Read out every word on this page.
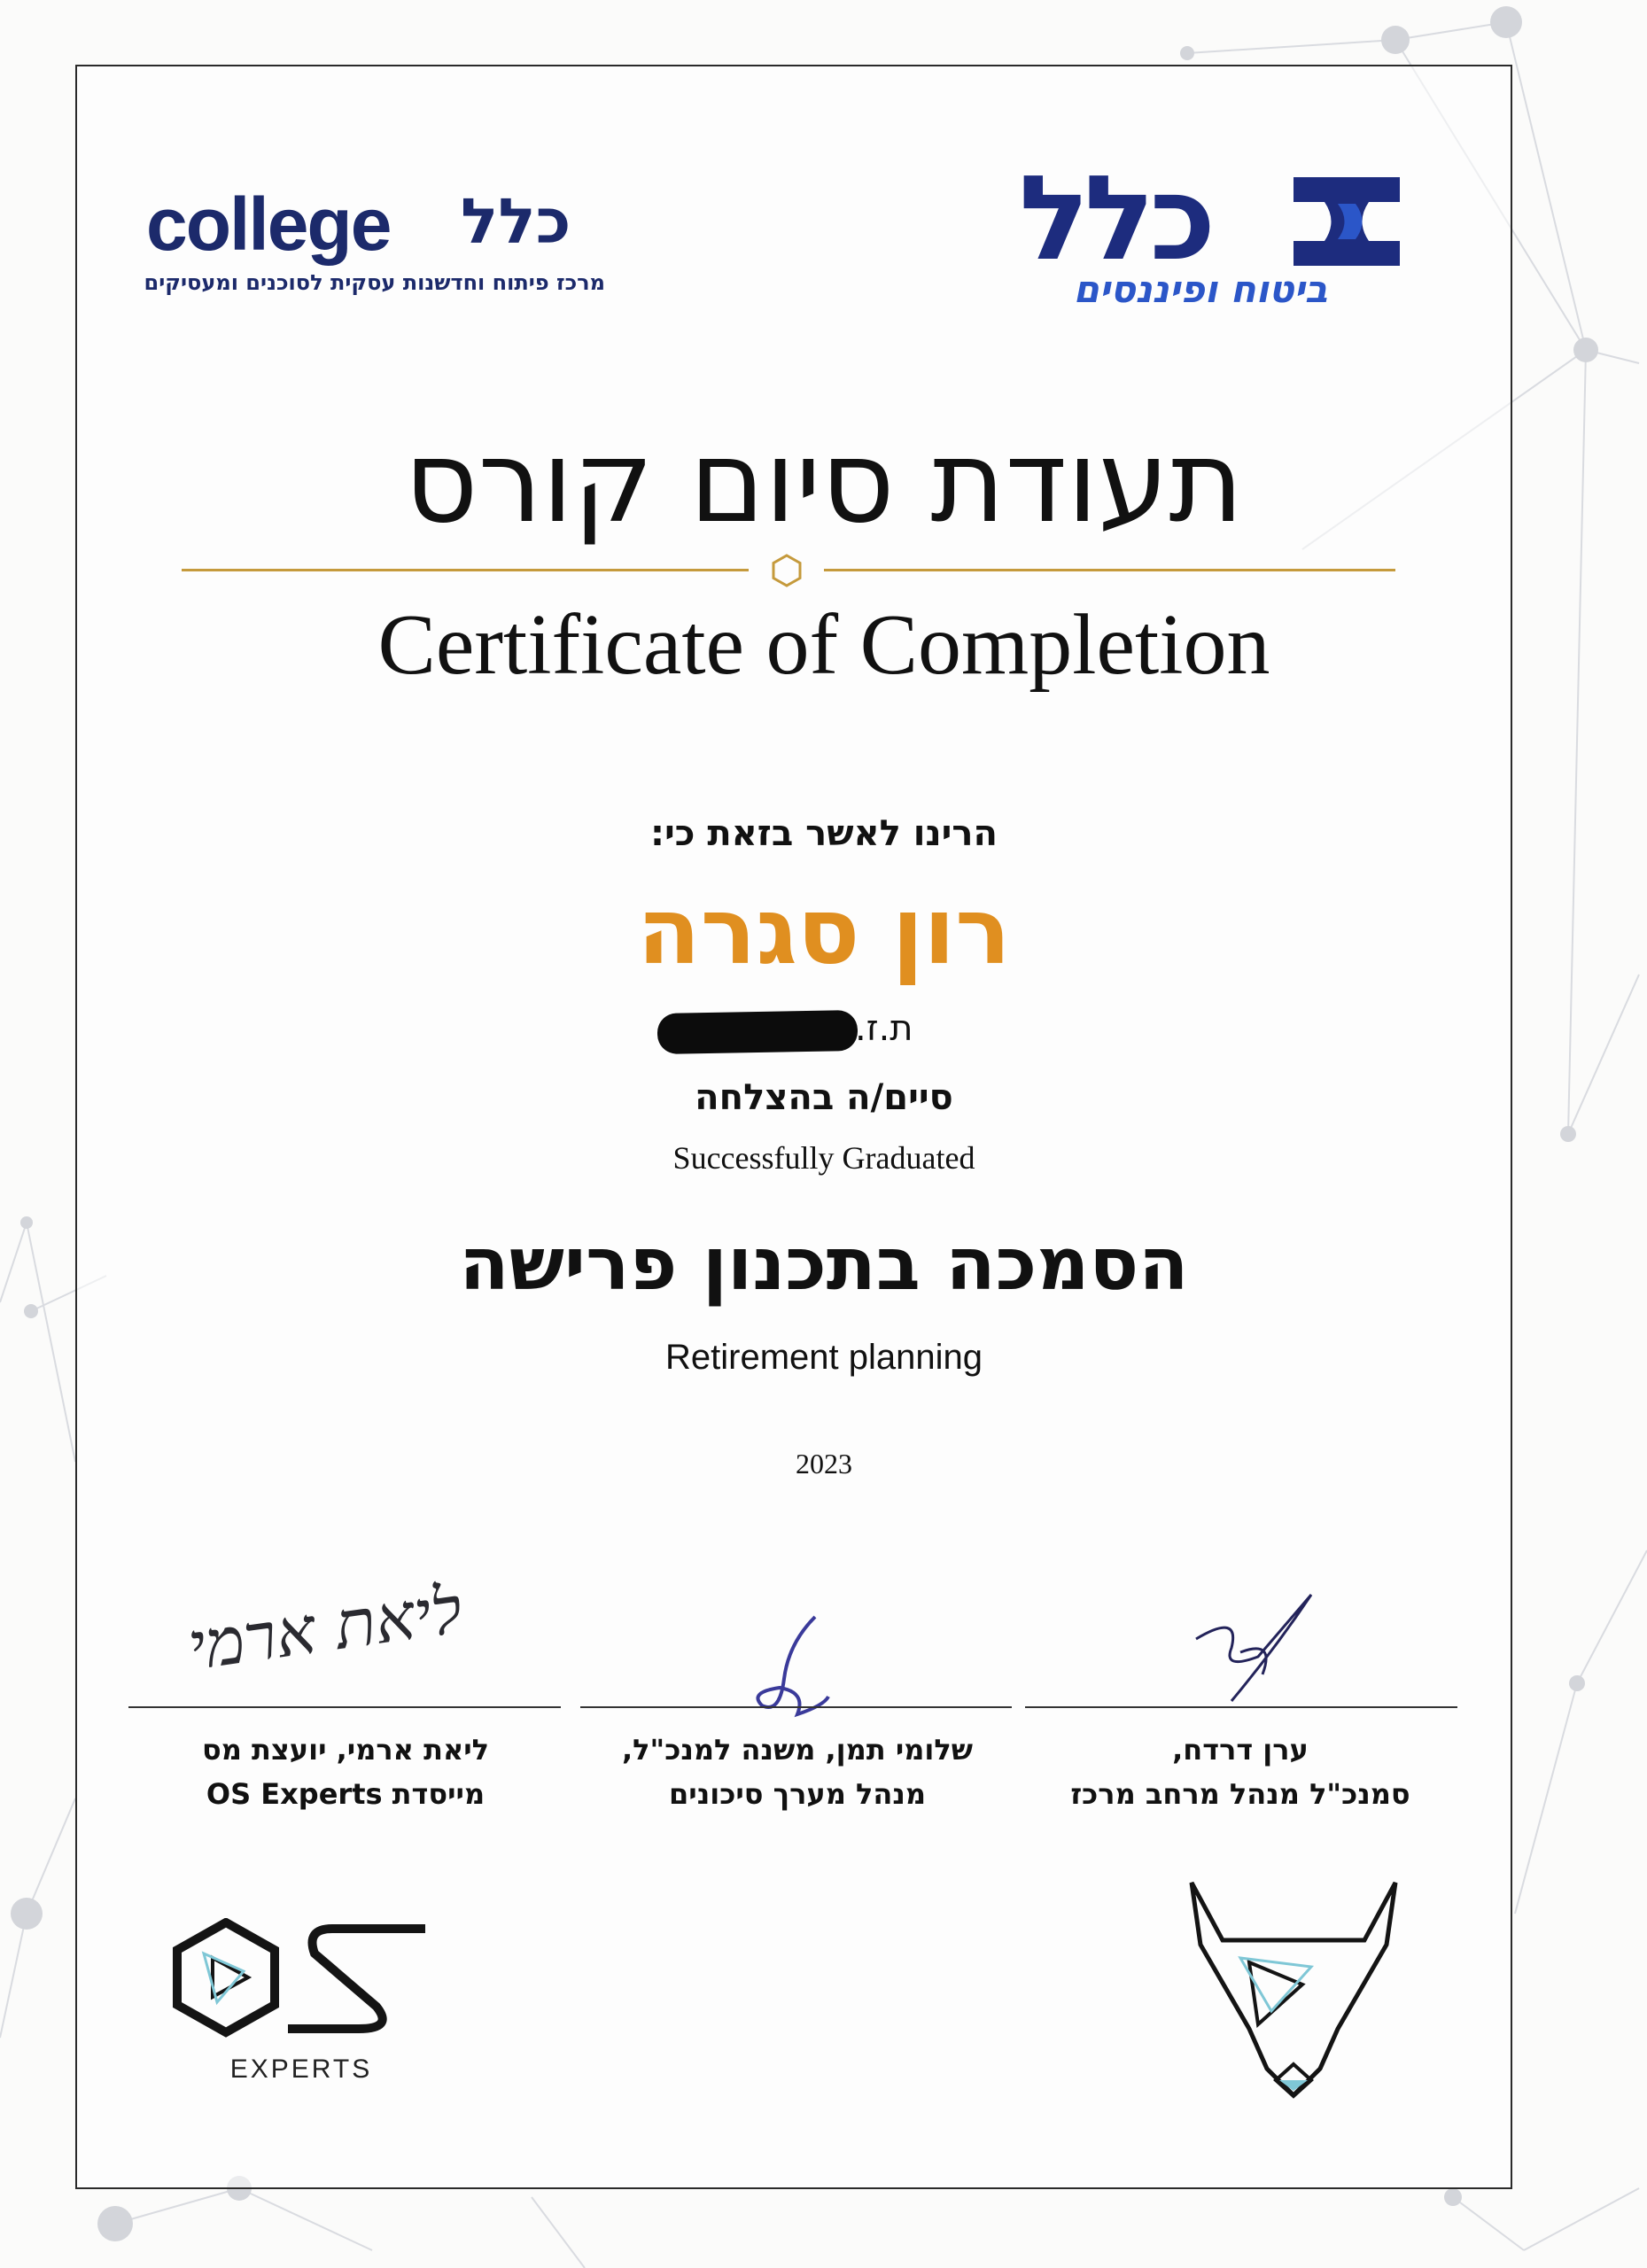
college כלל
מרכז פיתוח וחדשנות עסקית לסוכנים ומעסיקים	כלל
ביטוח ופיננסים
תעודת סיום קורס
Certificate of Completion
הרינו לאשר בזאת כי:
רון סגרה
ת.ז.
סיים/ה בהצלחה
Successfully Graduated
הסמכה בתכנון פרישה
Retirement planning
2023
ליאת ארמי
ערן דרדח,
סמנכ"ל מנהל מרחב מרכז
שלומי תמן, משנה למנכ"ל,
מנהל מערך סיכונים
ליאת ארמי, יועצת מס
מייסדת OS Experts
EXPERTS
